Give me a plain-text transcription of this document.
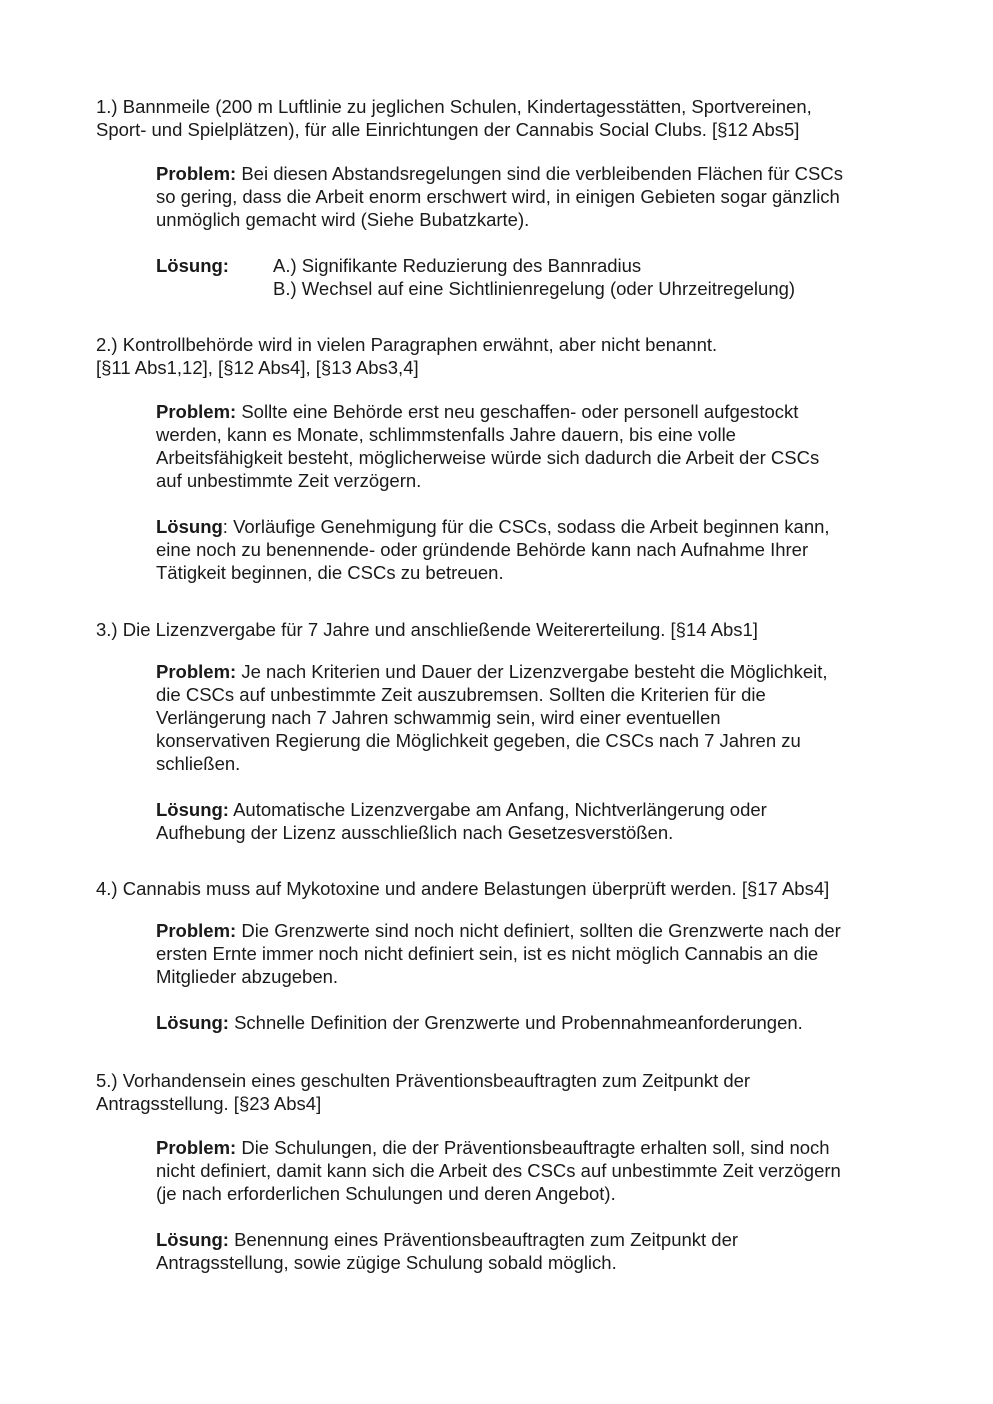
1.) Bannmeile (200 m Luftlinie zu jeglichen Schulen, Kindertagesstätten, Sportvereinen,
Sport- und Spielplätzen), für alle Einrichtungen der Cannabis Social Clubs. [§12 Abs5]

Problem: Bei diesen Abstandsregelungen sind die verbleibenden Flächen für CSCs
so gering, dass die Arbeit enorm erschwert wird, in einigen Gebieten sogar gänzlich
unmöglich gemacht wird (Siehe Bubatzkarte).

Lösung:	A.) Signifikante Reduzierung des Bannradius
B.) Wechsel auf eine Sichtlinienregelung (oder Uhrzeitregelung)

2.) Kontrollbehörde wird in vielen Paragraphen erwähnt, aber nicht benannt.
[§11 Abs1,12], [§12 Abs4], [§13 Abs3,4]

Problem: Sollte eine Behörde erst neu geschaffen- oder personell aufgestockt
werden, kann es Monate, schlimmstenfalls Jahre dauern, bis eine volle
Arbeitsfähigkeit besteht, möglicherweise würde sich dadurch die Arbeit der CSCs
auf unbestimmte Zeit verzögern.

Lösung: Vorläufige Genehmigung für die CSCs, sodass die Arbeit beginnen kann,
eine noch zu benennende- oder gründende Behörde kann nach Aufnahme Ihrer
Tätigkeit beginnen, die CSCs zu betreuen.

3.) Die Lizenzvergabe für 7 Jahre und anschließende Weitererteilung. [§14 Abs1]

Problem: Je nach Kriterien und Dauer der Lizenzvergabe besteht die Möglichkeit,
die CSCs auf unbestimmte Zeit auszubremsen. Sollten die Kriterien für die
Verlängerung nach 7 Jahren schwammig sein, wird einer eventuellen
konservativen Regierung die Möglichkeit gegeben, die CSCs nach 7 Jahren zu
schließen.

Lösung: Automatische Lizenzvergabe am Anfang, Nichtverlängerung oder
Aufhebung der Lizenz ausschließlich nach Gesetzesverstößen.

4.) Cannabis muss auf Mykotoxine und andere Belastungen überprüft werden. [§17 Abs4]

Problem: Die Grenzwerte sind noch nicht definiert, sollten die Grenzwerte nach der
ersten Ernte immer noch nicht definiert sein, ist es nicht möglich Cannabis an die
Mitglieder abzugeben.

Lösung: Schnelle Definition der Grenzwerte und Probennahmeanforderungen.

5.) Vorhandensein eines geschulten Präventionsbeauftragten zum Zeitpunkt der
Antragsstellung. [§23 Abs4]

Problem: Die Schulungen, die der Präventionsbeauftragte erhalten soll, sind noch
nicht definiert, damit kann sich die Arbeit des CSCs auf unbestimmte Zeit verzögern
(je nach erforderlichen Schulungen und deren Angebot).

Lösung: Benennung eines Präventionsbeauftragten zum Zeitpunkt der
Antragsstellung, sowie zügige Schulung sobald möglich.
